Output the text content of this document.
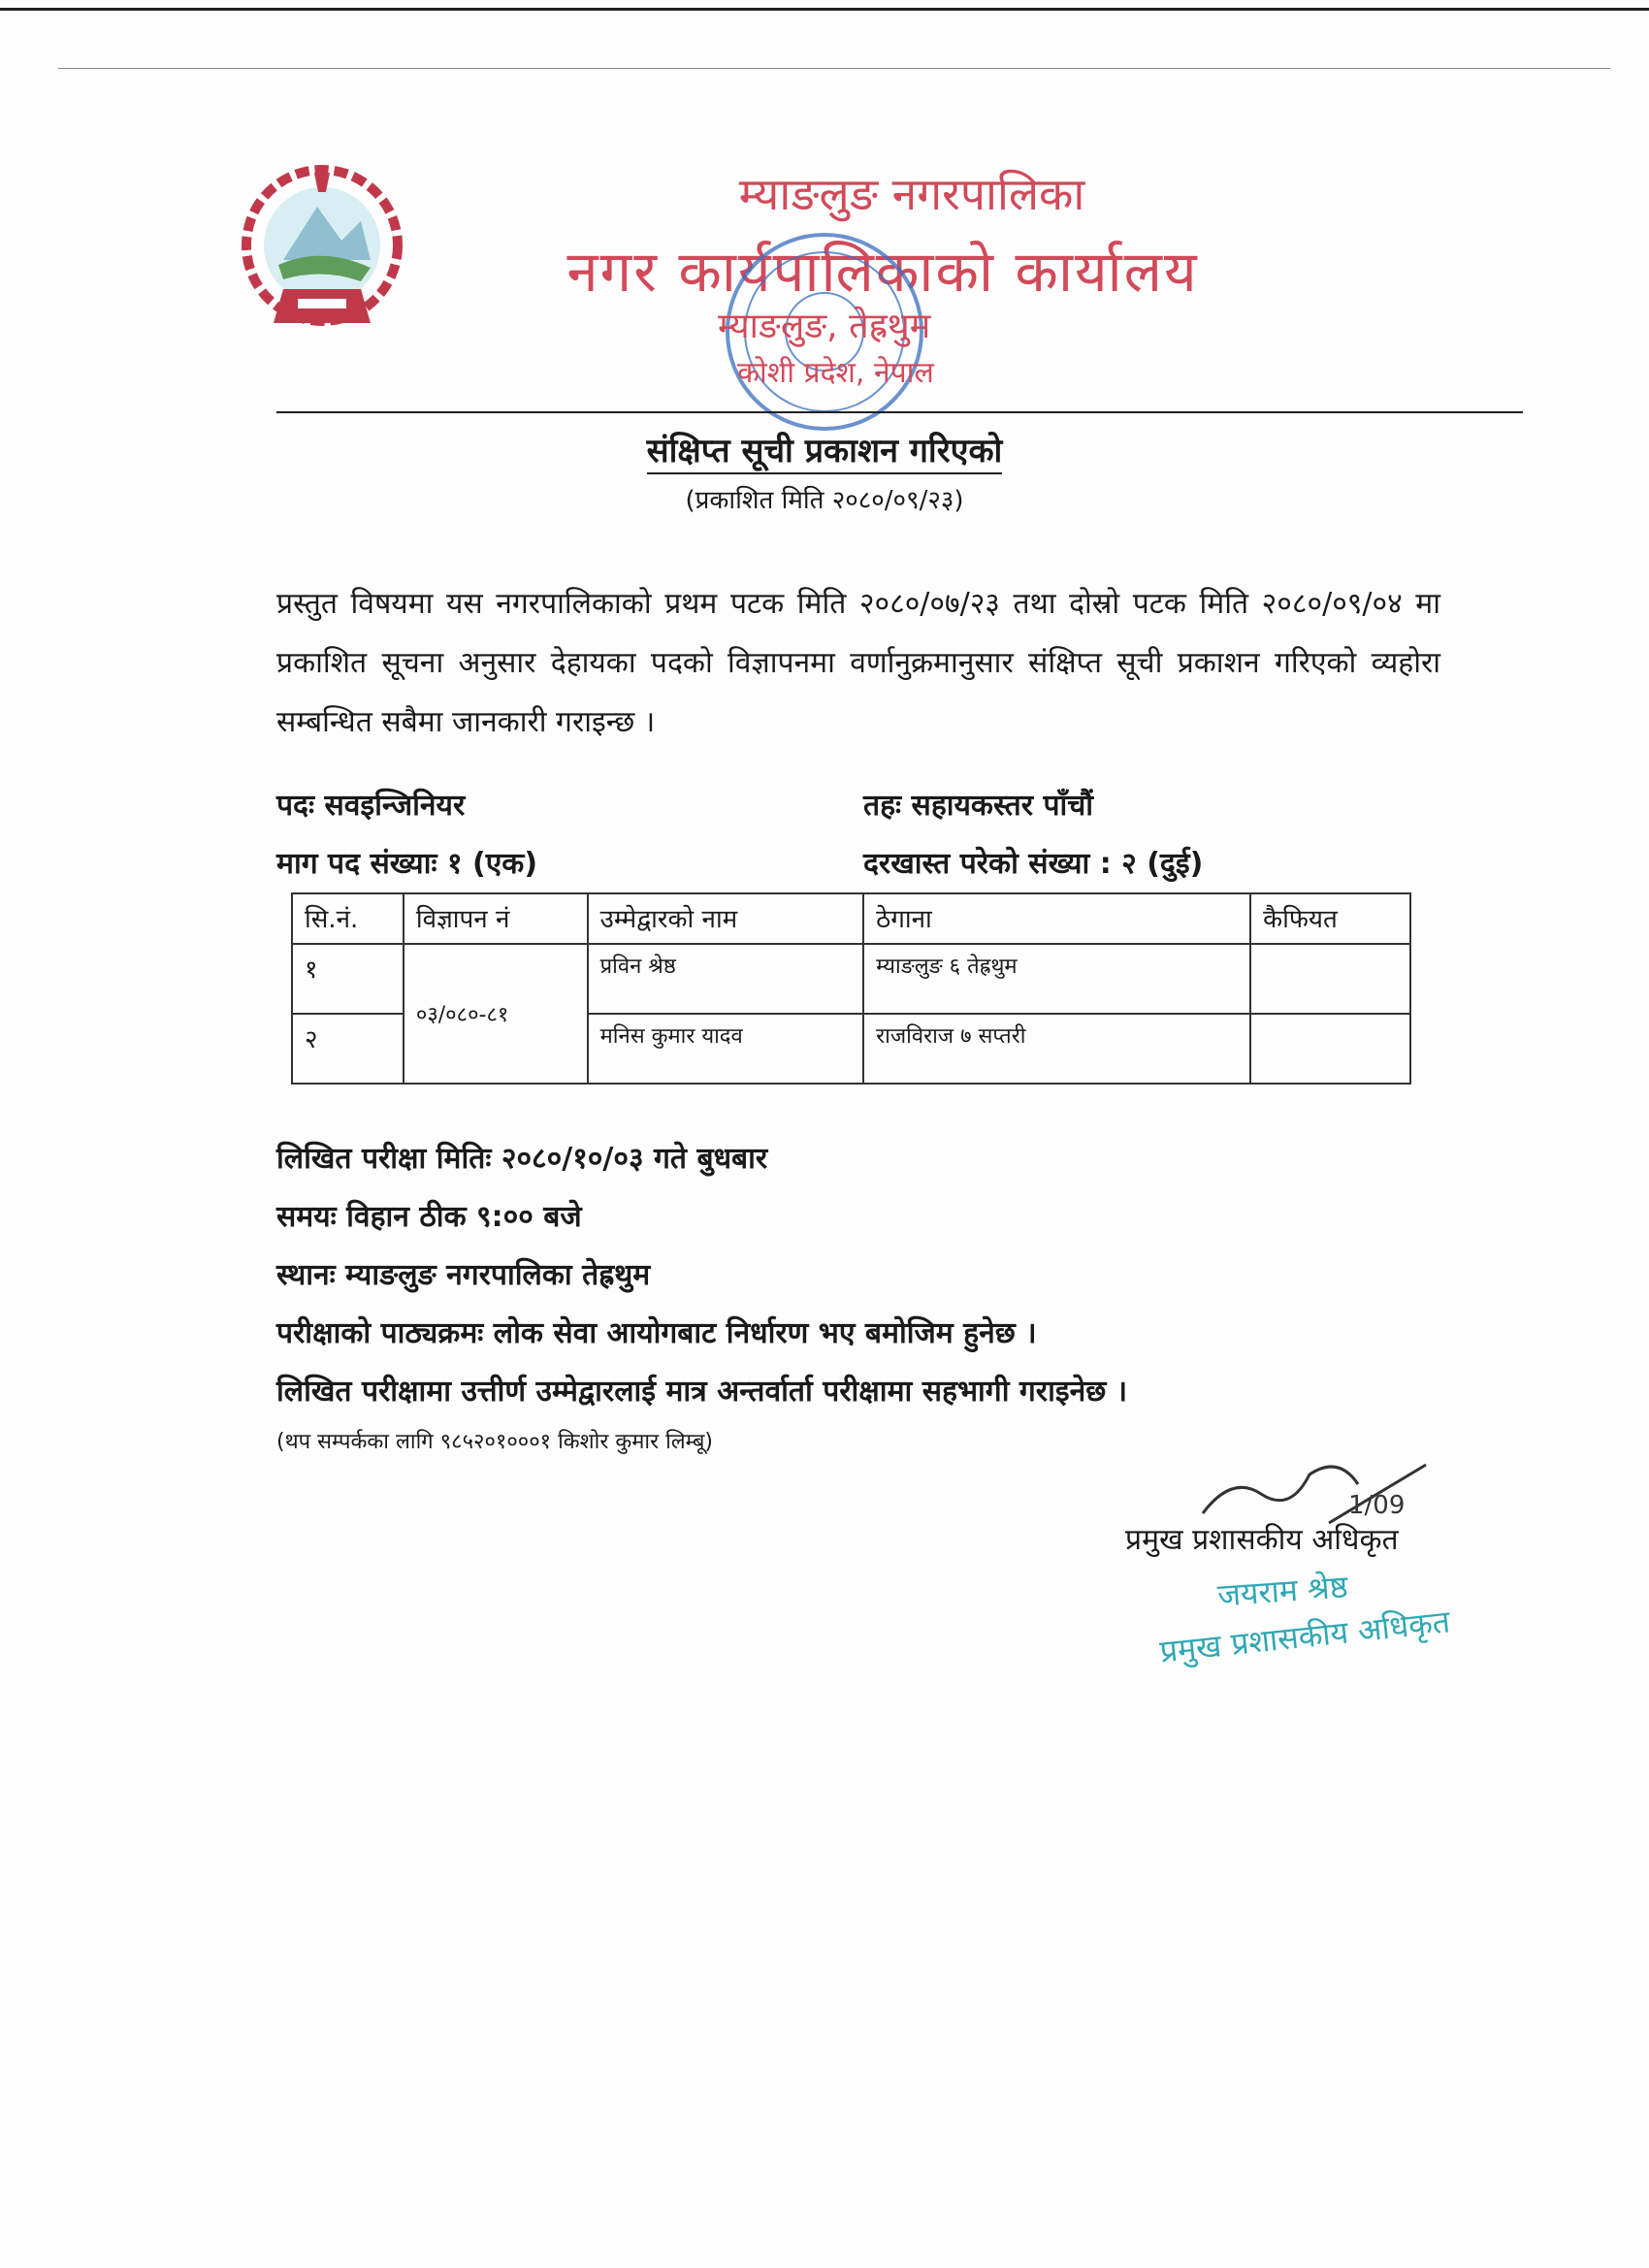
म्याङलुङ नगरपालिका
नगर कार्यपालिकाको कार्यालय
म्याङलुङ, तेह्रथुम
कोशी प्रदेश, नेपाल
संक्षिप्त सूची प्रकाशन गरिएको
(प्रकाशित मिति २०८०/०९/२३)
प्रस्तुत विषयमा यस नगरपालिकाको प्रथम पटक मिति २०८०/०७/२३ तथा दोस्रो पटक मिति २०८०/०९/०४ मा प्रकाशित सूचना अनुसार देहायका पदको विज्ञापनमा वर्णानुक्रमानुसार संक्षिप्त सूची प्रकाशन गरिएको व्यहोरा सम्बन्धित सबैमा जानकारी गराइन्छ ।
पदः सवइन्जिनियर	तहः सहायकस्तर पाँचौं
माग पद संख्याः १ (एक)	दरखास्त परेको संख्या : २ (दुई)
सि.नं.	विज्ञापन नं	उम्मेद्वारको नाम	ठेगाना	कैफियत
१	०३/०८०-८१	प्रविन श्रेष्ठ	म्याङलुङ ६ तेह्रथुम	
२		मनिस कुमार यादव	राजविराज ७ सप्तरी	
लिखित परीक्षा मितिः २०८०/१०/०३ गते बुधबार
समयः विहान ठीक ९:०० बजे
स्थानः म्याङलुङ नगरपालिका तेह्रथुम
परीक्षाको पाठ्यक्रमः लोक सेवा आयोगबाट निर्धारण भए बमोजिम हुनेछ ।
लिखित परीक्षामा उत्तीर्ण उम्मेद्वारलाई मात्र अन्तर्वार्ता परीक्षामा सहभागी गराइनेछ ।
(थप सम्पर्कका लागि ९८५२०१०००१ किशोर कुमार लिम्बू)
1/09
प्रमुख प्रशासकीय अधिकृत
जयराम श्रेष्ठ
प्रमुख प्रशासकीय अधिकृत
